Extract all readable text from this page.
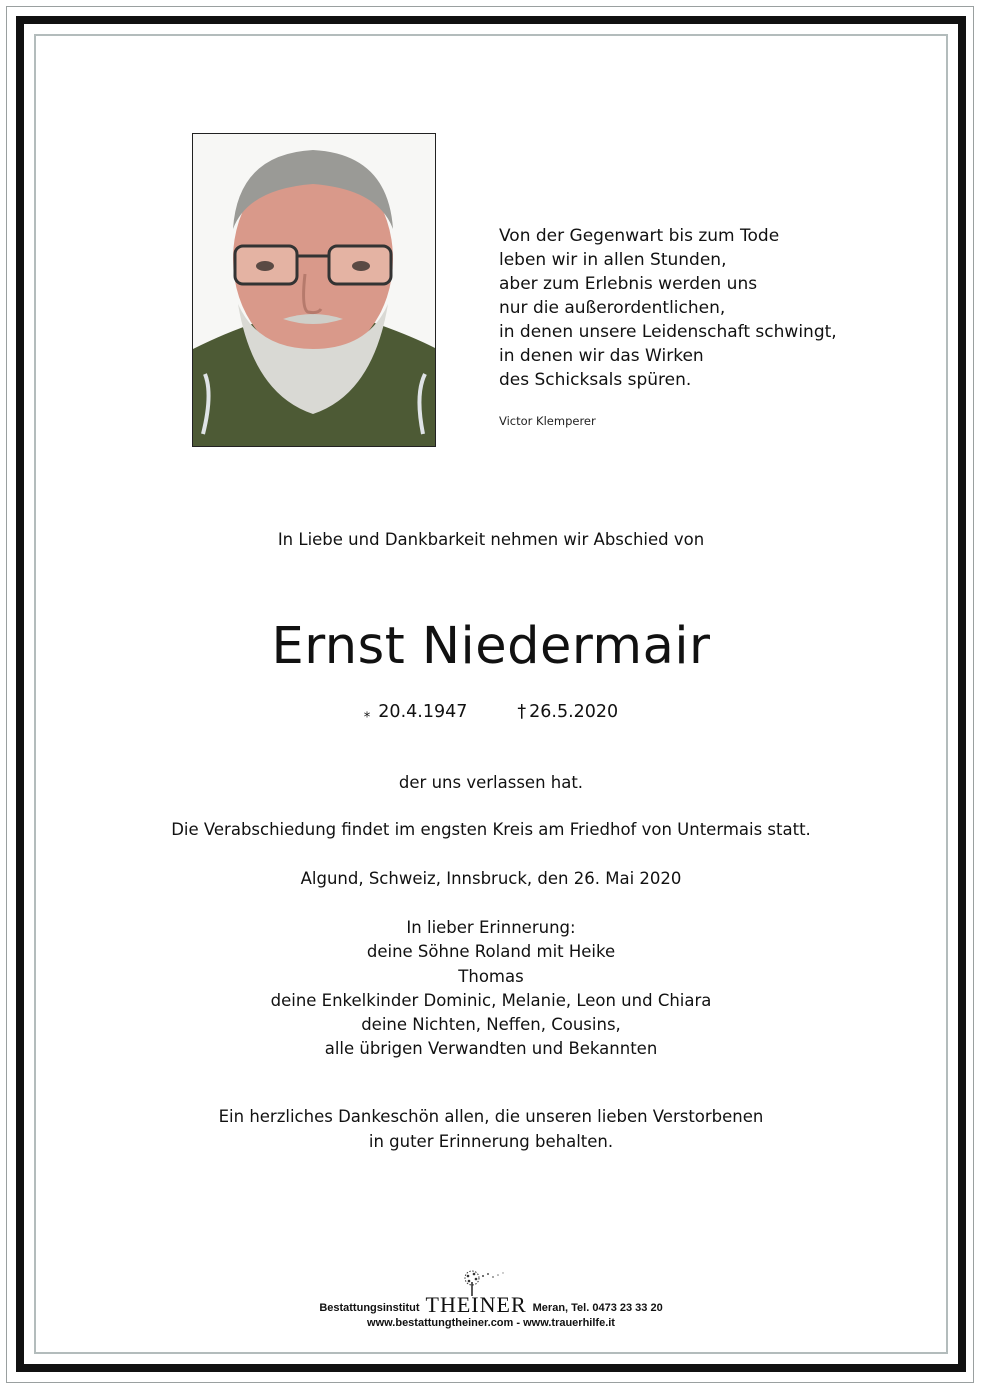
Von der Gegenwart bis zum Tode
leben wir in allen Stunden,
aber zum Erlebnis werden uns
nur die außerordentlichen,
in denen unsere Leidenschaft schwingt,
in denen wir das Wirken
des Schicksals spüren.
Victor Klemperer
In Liebe und Dankbarkeit nehmen wir Abschied von
Ernst Niedermair
⁎ 20.4.1947	† 26.5.2020
der uns verlassen hat.
Die Verabschiedung findet im engsten Kreis am Friedhof von Untermais statt.
Algund, Schweiz, Innsbruck, den 26. Mai 2020
In lieber Erinnerung:
deine Söhne Roland mit Heike
Thomas
deine Enkelkinder Dominic, Melanie, Leon und Chiara
deine Nichten, Neffen, Cousins,
alle übrigen Verwandten und Bekannten
Ein herzliches Dankeschön allen, die unseren lieben Verstorbenen
in guter Erinnerung behalten.
Bestattungsinstitut THEINER Meran, Tel. 0473 23 33 20
www.bestattungtheiner.com - www.trauerhilfe.it
